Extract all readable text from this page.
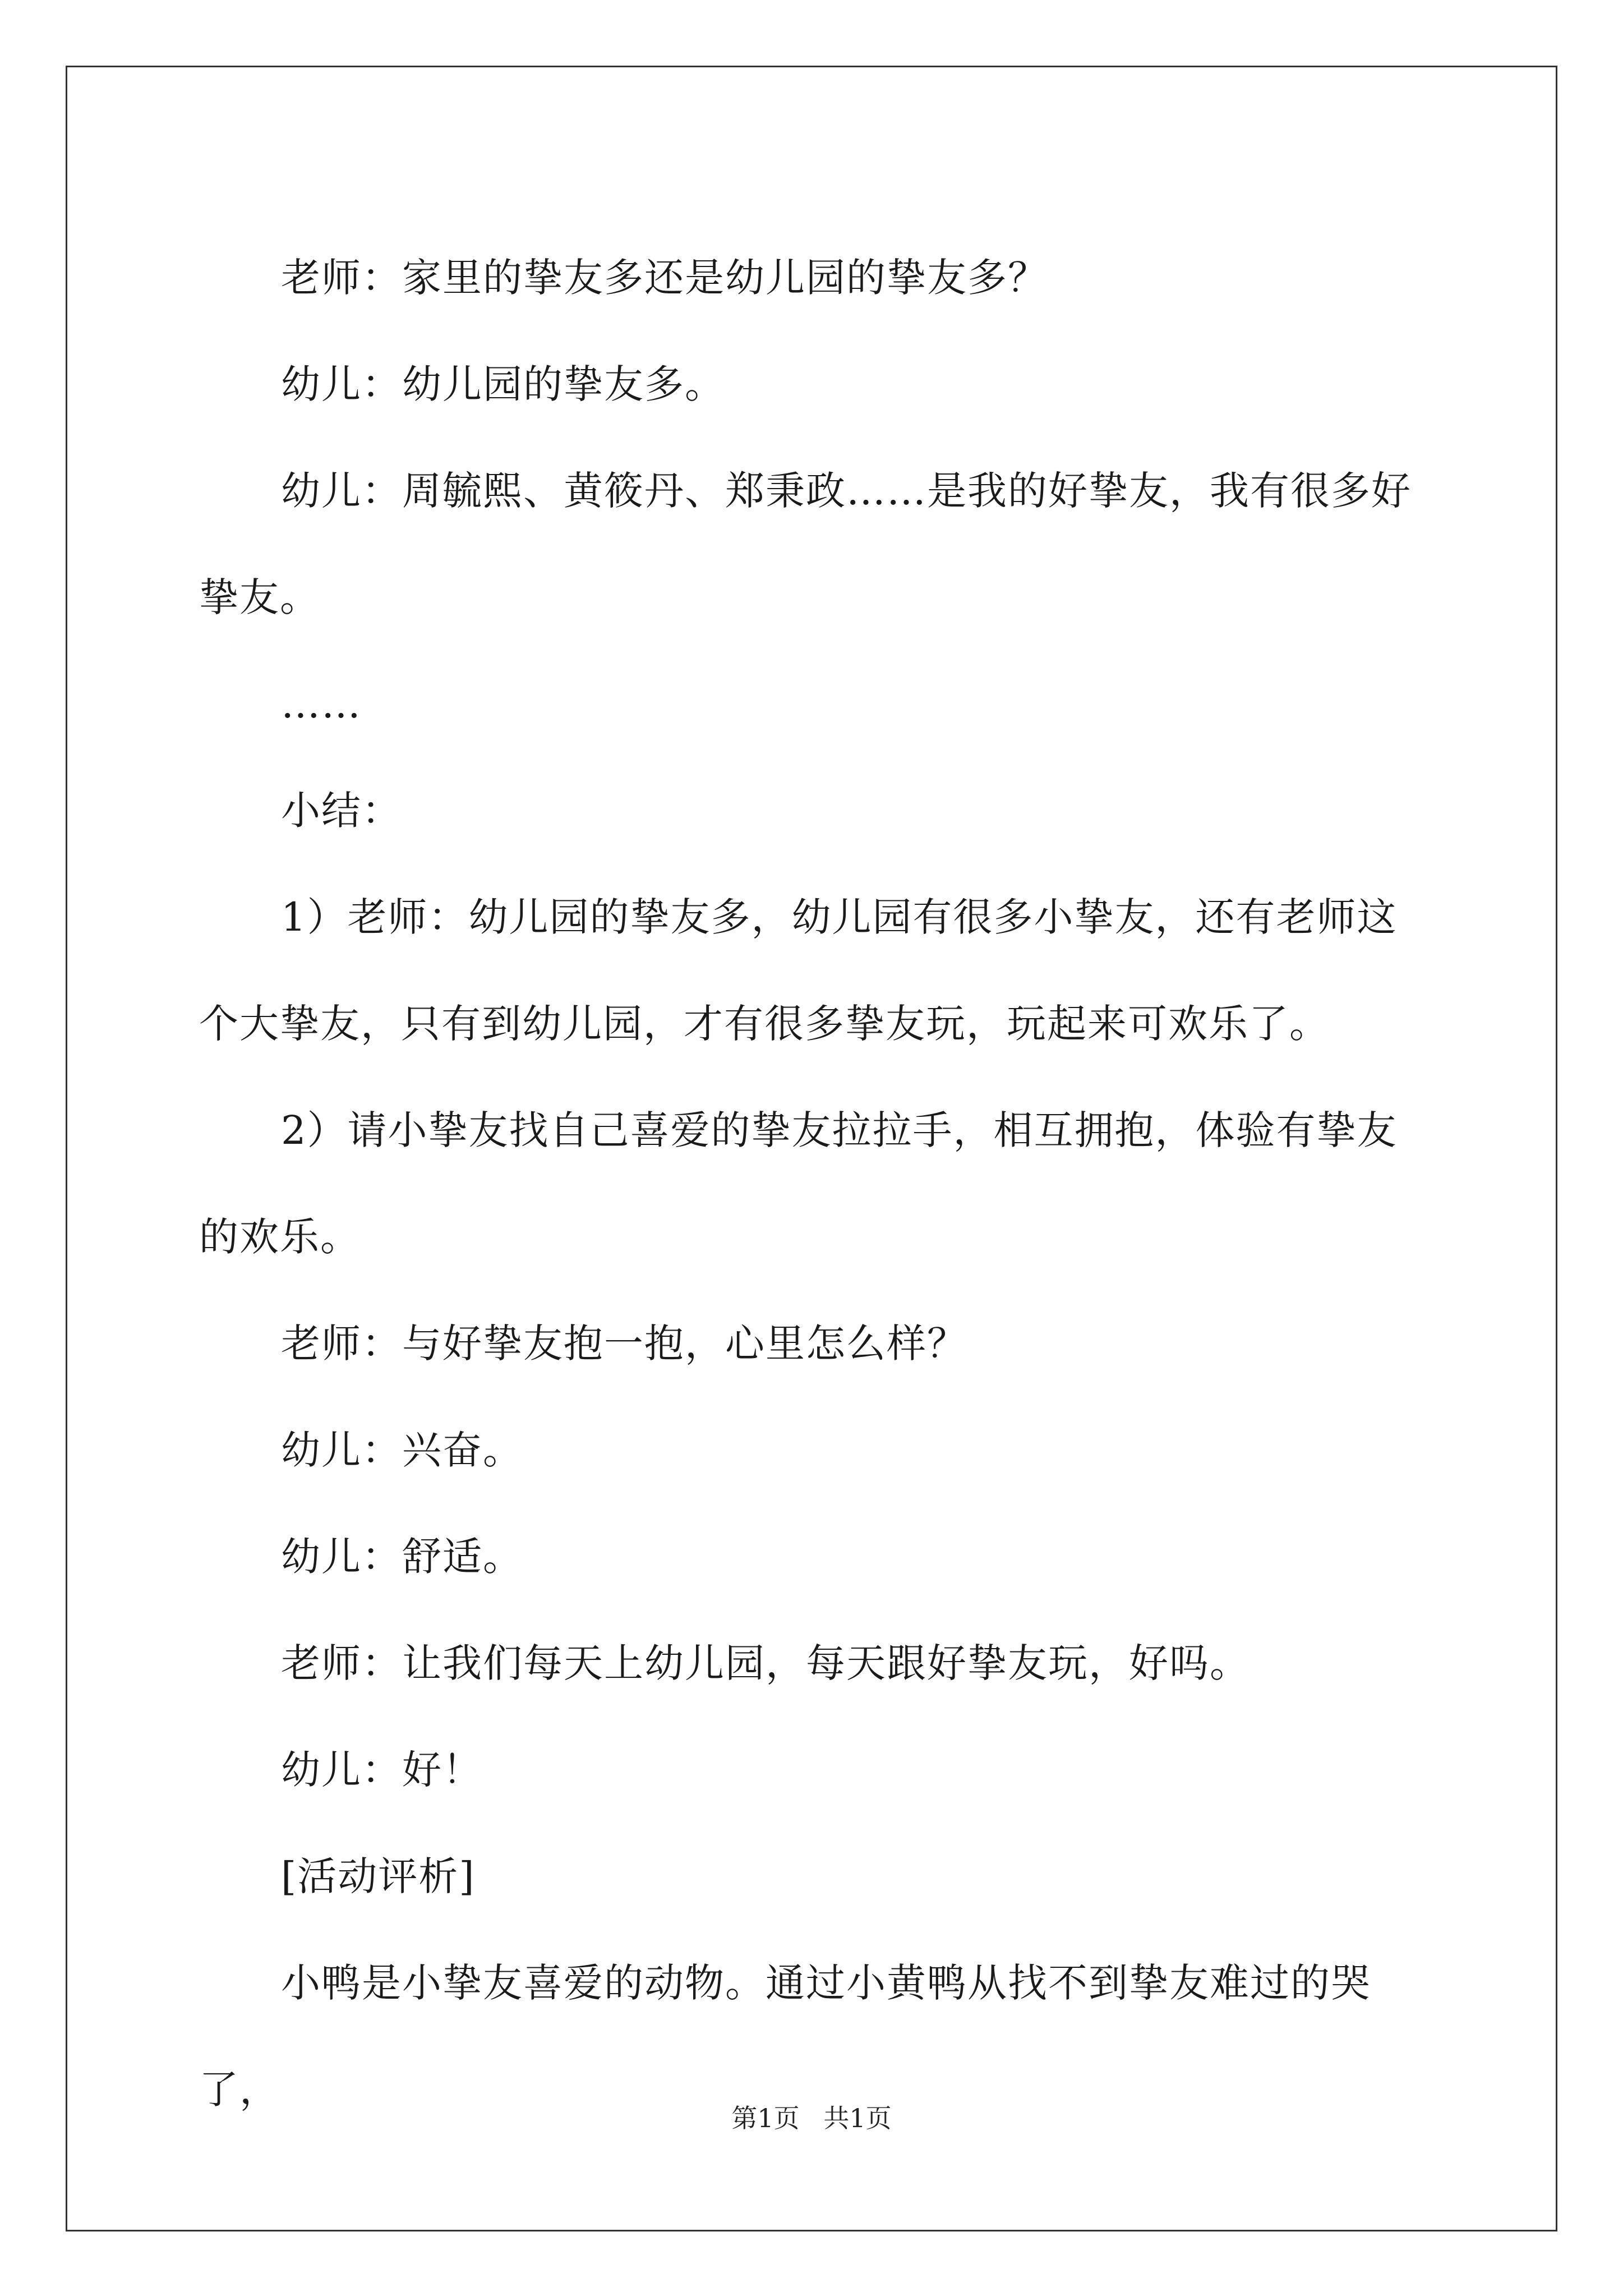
老师：家里的挚友多还是幼儿园的挚友多？

幼儿：幼儿园的挚友多。

幼儿：周毓熙、黄筱丹、郑秉政……是我的好挚友，我有很多好挚友。

……

小结：

1）老师：幼儿园的挚友多，幼儿园有很多小挚友，还有老师这个大挚友，只有到幼儿园，才有很多挚友玩，玩起来可欢乐了。

2）请小挚友找自己喜爱的挚友拉拉手，相互拥抱，体验有挚友的欢乐。

老师：与好挚友抱一抱，心里怎么样？

幼儿：兴奋。

幼儿：舒适。

老师：让我们每天上幼儿园，每天跟好挚友玩，好吗。

幼儿：好！

[活动评析]

小鸭是小挚友喜爱的动物。通过小黄鸭从找不到挚友难过的哭了，

第1页 共1页
